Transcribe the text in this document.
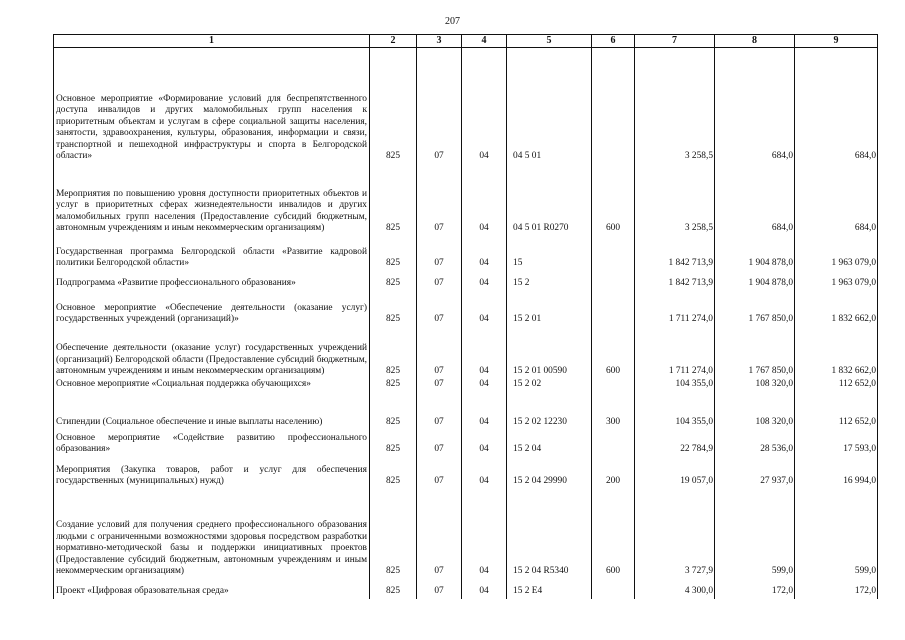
207
1	2	3	4	5	6	7	8	9
Основное мероприятие «Формирование условий для беспрепятственного доступа инвалидов и других маломобильных групп населения к приоритетным объектам и услугам в сфере социальной защиты населения, занятости, здравоохранения, культуры, образования, информации и связи, транспортной и пешеходной инфраструктуры и спорта в Белгородской области»	825	07	04	04 5 01		3 258,5	684,0	684,0
Мероприятия по повышению уровня доступности приоритетных объектов и услуг в приоритетных сферах жизнедеятельности инвалидов и других маломобильных групп населения (Предоставление субсидий бюджетным, автономным учреждениям и иным некоммерческим организациям)	825	07	04	04 5 01 R0270	600	3 258,5	684,0	684,0
Государственная программа Белгородской области «Развитие кадровой политики Белгородской области»	825	07	04	15		1 842 713,9	1 904 878,0	1 963 079,0
Подпрограмма «Развитие профессионального образования»	825	07	04	15 2		1 842 713,9	1 904 878,0	1 963 079,0
Основное мероприятие «Обеспечение деятельности (оказание услуг) государственных учреждений (организаций)»	825	07	04	15 2 01		1 711 274,0	1 767 850,0	1 832 662,0
Обеспечение деятельности (оказание услуг) государственных учреждений (организаций) Белгородской области (Предоставление субсидий бюджетным, автономным учреждениям и иным некоммерческим организациям)	825	07	04	15 2 01 00590	600	1 711 274,0	1 767 850,0	1 832 662,0
Основное мероприятие «Социальная поддержка обучающихся»	825	07	04	15 2 02		104 355,0	108 320,0	112 652,0
Стипендии (Социальное обеспечение и иные выплаты населению)	825	07	04	15 2 02 12230	300	104 355,0	108 320,0	112 652,0
Основное мероприятие «Содействие развитию профессионального образования»	825	07	04	15 2 04		22 784,9	28 536,0	17 593,0
Мероприятия (Закупка товаров, работ и услуг для обеспечения государственных (муниципальных) нужд)	825	07	04	15 2 04 29990	200	19 057,0	27 937,0	16 994,0
Создание условий для получения среднего профессионального образования людьми с ограниченными возможностями здоровья посредством разработки нормативно-методической базы и поддержки инициативных проектов (Предоставление субсидий бюджетным, автономным учреждениям и иным некоммерческим организациям)	825	07	04	15 2 04 R5340	600	3 727,9	599,0	599,0
Проект «Цифровая образовательная среда»	825	07	04	15 2 E4		4 300,0	172,0	172,0
